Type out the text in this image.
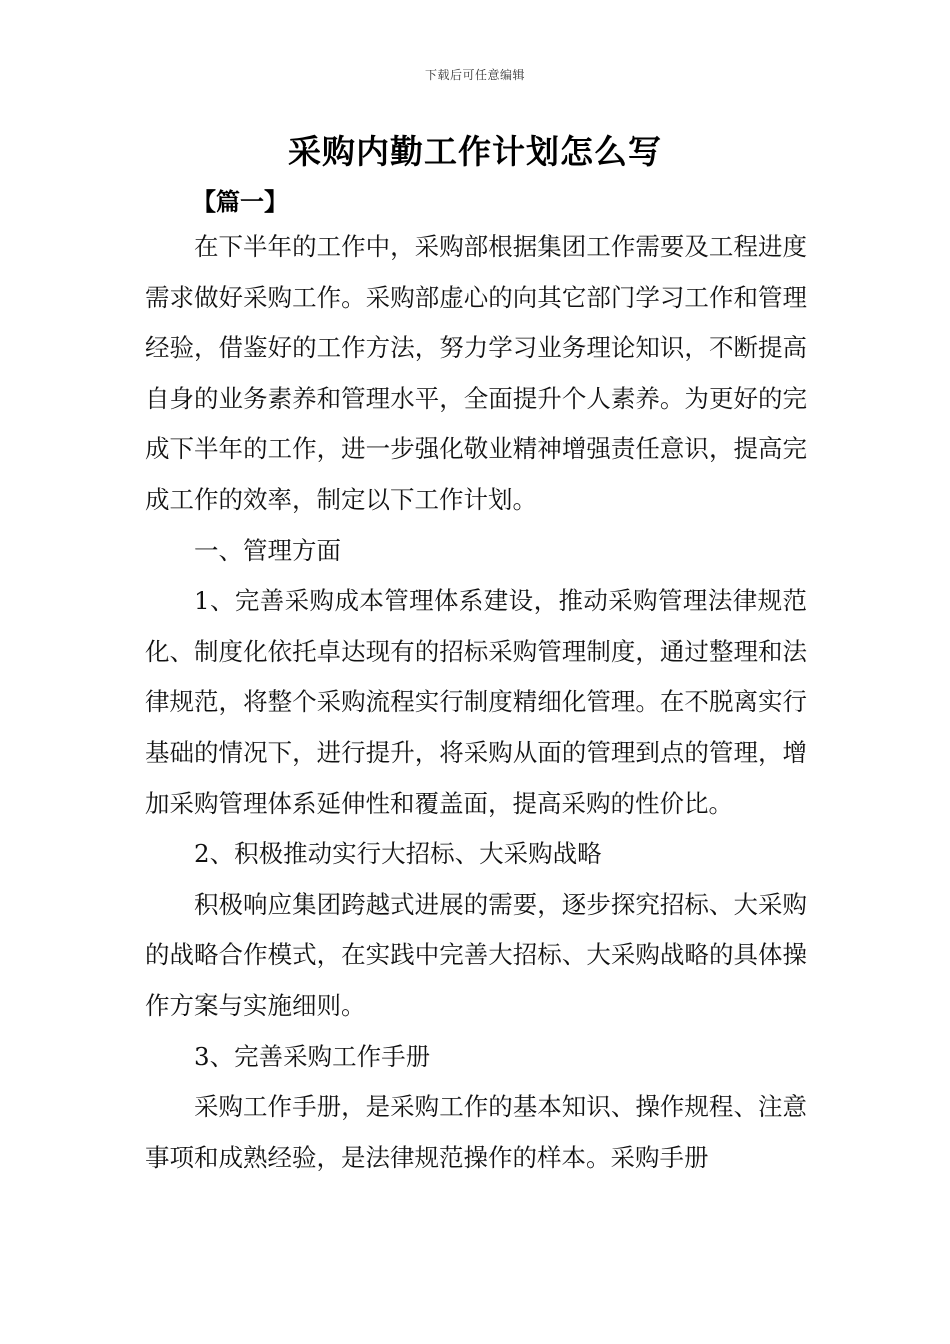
下载后可任意编辑
采购内勤工作计划怎么写
【篇一】

在下半年的工作中，采购部根据集团工作需要及工程进度需求做好采购工作。采购部虚心的向其它部门学习工作和管理经验，借鉴好的工作方法，努力学习业务理论知识，不断提高自身的业务素养和管理水平，全面提升个人素养。为更好的完成下半年的工作，进一步强化敬业精神增强责任意识，提高完成工作的效率，制定以下工作计划。

一、管理方面

1、完善采购成本管理体系建设，推动采购管理法律规范化、制度化依托卓达现有的招标采购管理制度，通过整理和法律规范，将整个采购流程实行制度精细化管理。在不脱离实行基础的情况下，进行提升，将采购从面的管理到点的管理，增加采购管理体系延伸性和覆盖面，提高采购的性价比。

2、积极推动实行大招标、大采购战略

积极响应集团跨越式进展的需要，逐步探究招标、大采购的战略合作模式，在实践中完善大招标、大采购战略的具体操作方案与实施细则。

3、完善采购工作手册

采购工作手册，是采购工作的基本知识、操作规程、注意事项和成熟经验，是法律规范操作的样本。采购手册
